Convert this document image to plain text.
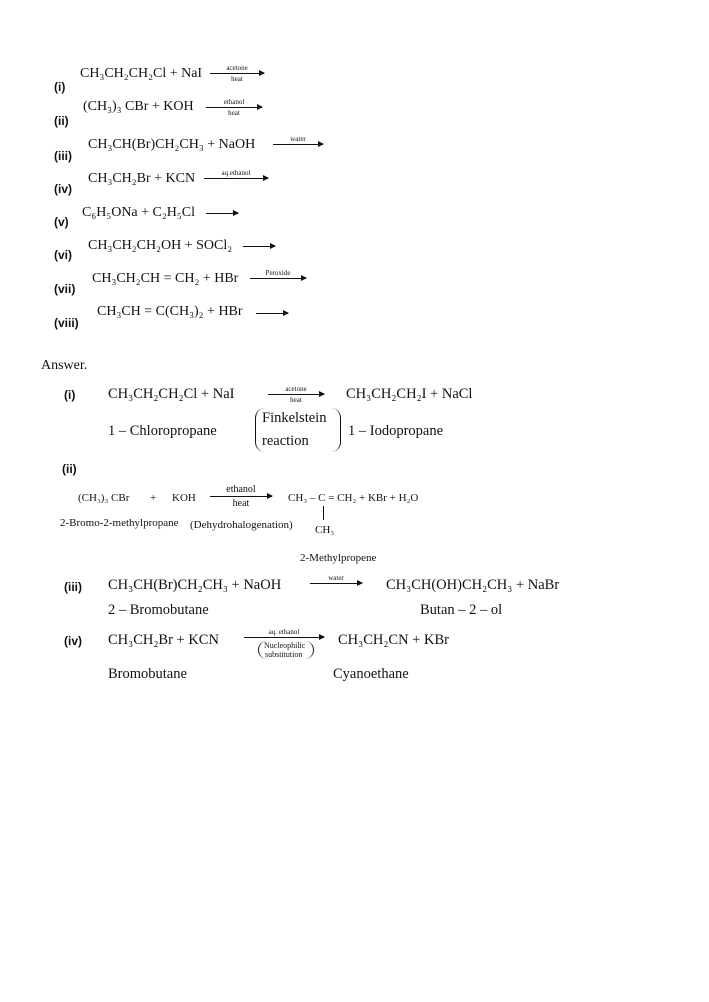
(i)
CH₃CH₂CH₂Cl + NaI	acetone
heat
(ii)
(CH₃)₃ CBr + KOH	ethanol
heat
(iii)
CH₃CH(Br)CH₂CH₃ + NaOH	water
(iv)
CH₃CH₂Br + KCN	aq.ethanol
(v)
C₆H₅ONa + C₂H₅Cl →
(vi)
CH₃CH₂CH₂OH + SOCl₂ →
(vii)
CH₃CH₂CH = CH₂ + HBr	Peroxide
(viii)
CH₃CH = C(CH₃)₂ + HBr →
Answer.
(i) CH₃CH₂CH₂Cl + NaI	acetone
heat	CH₃CH₂CH₂I + NaCl
1 – Chloropropane
Finkelstein
reaction
1 – Iodopropane
(ii)
(CH₃)₃ CBr + KOH
ethanol
heat	CH₃ – C = CH₂ + KBr + H₂O
CH₃
2-Bromo-2-methylpropane (Dehydrohalogenation)
2-Methylpropene
(iii) CH₃CH(Br)CH₂CH₃ + NaOH	water	CH₃CH(OH)CH₂CH₃ + NaBr
2 – Bromobutane	Butan – 2 – ol
(iv) CH₃CH₂Br + KCN	aq. ethanol
Nucleophilic
substitution
CH₃CH₂CN + KBr
Bromobutane	Cyanoethane
